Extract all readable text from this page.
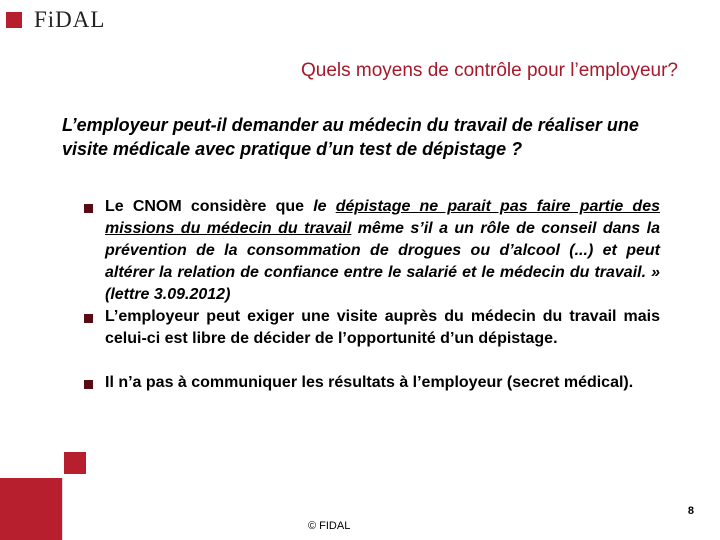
FiDAL
Quels moyens de contrôle pour l’employeur?
L’employeur peut-il demander au médecin du travail de réaliser une visite médicale avec pratique d’un test de dépistage ?
Le CNOM considère que le dépistage ne parait pas faire partie des missions du médecin du travail même s’il a un rôle de conseil dans la prévention de la consommation de drogues ou d’alcool (...) et peut altérer la relation de confiance entre le salarié et le médecin du travail. » (lettre 3.09.2012)
L’employeur peut exiger une visite auprès du médecin du travail mais celui-ci est libre de décider de l’opportunité d’un dépistage.
Il n’a pas à communiquer les résultats à l’employeur (secret médical).
8
© FIDAL
